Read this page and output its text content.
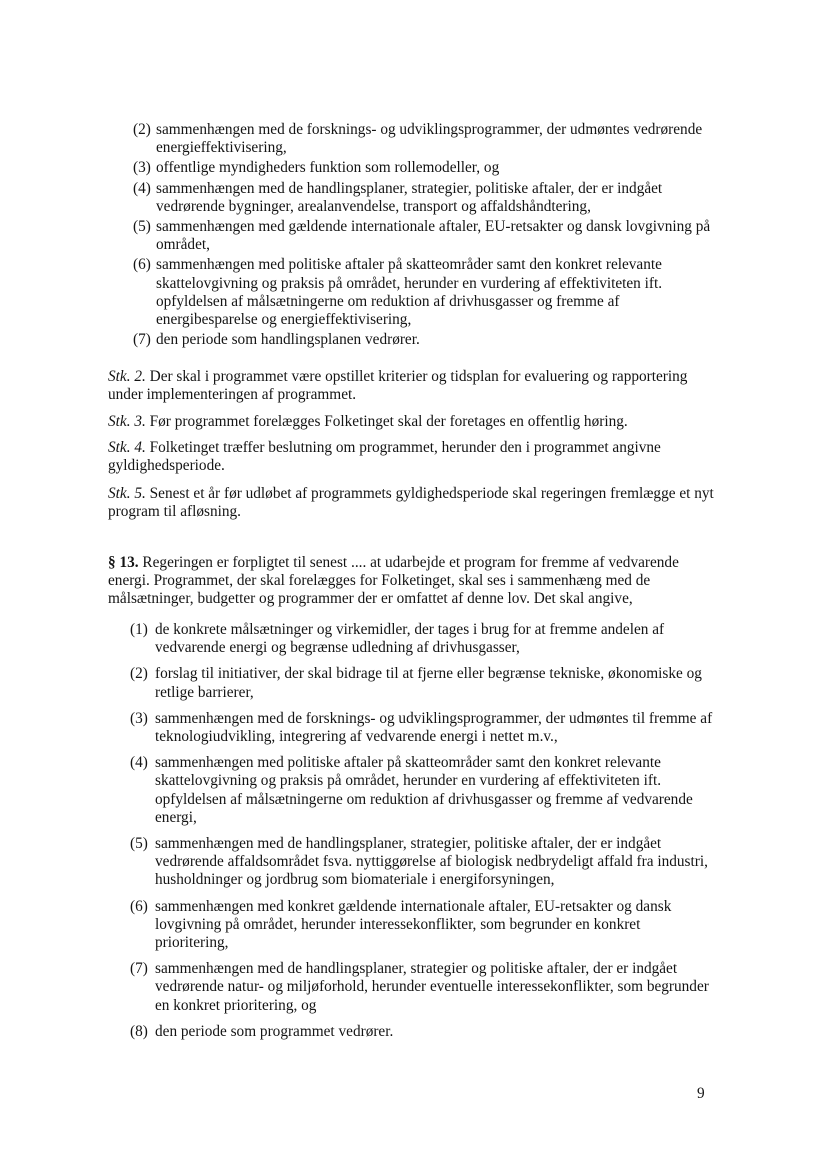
(2) sammenhængen med de forsknings- og udviklingsprogrammer, der udmøntes vedrørende energieffektivisering,
(3) offentlige myndigheders funktion som rollemodeller, og
(4) sammenhængen med de handlingsplaner, strategier, politiske aftaler, der er indgået vedrørende bygninger, arealanvendelse, transport og affaldshåndtering,
(5) sammenhængen med gældende internationale aftaler, EU-retsakter og dansk lovgivning på området,
(6) sammenhængen med politiske aftaler på skatteområder samt den konkret relevante skattelovgivning og praksis på området, herunder en vurdering af effektiviteten ift. opfyldelsen af målsætningerne om reduktion af drivhusgasser og fremme af energibesparelse og energieffektivisering,
(7) den periode som handlingsplanen vedrører.
Stk. 2. Der skal i programmet være opstillet kriterier og tidsplan for evaluering og rapportering under implementeringen af programmet.
Stk. 3. Før programmet forelægges Folketinget skal der foretages en offentlig høring.
Stk. 4. Folketinget træffer beslutning om programmet, herunder den i programmet angivne gyldighedsperiode.
Stk. 5. Senest et år før udløbet af programmets gyldighedsperiode skal regeringen fremlægge et nyt program til afløsning.
§ 13. Regeringen er forpligtet til senest .... at udarbejde et program for fremme af vedvarende energi. Programmet, der skal forelægges for Folketinget, skal ses i sammenhæng med de målsætninger, budgetter og programmer der er omfattet af denne lov. Det skal angive,
(1) de konkrete målsætninger og virkemidler, der tages i brug for at fremme andelen af vedvarende energi og begrænse udledning af drivhusgasser,
(2) forslag til initiativer, der skal bidrage til at fjerne eller begrænse tekniske, økonomiske og retlige barrierer,
(3) sammenhængen med de forsknings- og udviklingsprogrammer, der udmøntes til fremme af teknologiudvikling, integrering af vedvarende energi i nettet m.v.,
(4) sammenhængen med politiske aftaler på skatteområder samt den konkret relevante skattelovgivning og praksis på området, herunder en vurdering af effektiviteten ift. opfyldelsen af målsætningerne om reduktion af drivhusgasser og fremme af vedvarende energi,
(5) sammenhængen med de handlingsplaner, strategier, politiske aftaler, der er indgået vedrørende affaldsområdet fsva. nyttiggørelse af biologisk nedbrydeligt affald fra industri, husholdninger og jordbrug som biomateriale i energiforsyningen,
(6) sammenhængen med konkret gældende internationale aftaler, EU-retsakter og dansk lovgivning på området, herunder interessekonflikter, som begrunder en konkret prioritering,
(7) sammenhængen med de handlingsplaner, strategier og politiske aftaler, der er indgået vedrørende natur- og miljøforhold, herunder eventuelle interessekonflikter, som begrunder en konkret prioritering, og
(8) den periode som programmet vedrører.
9
